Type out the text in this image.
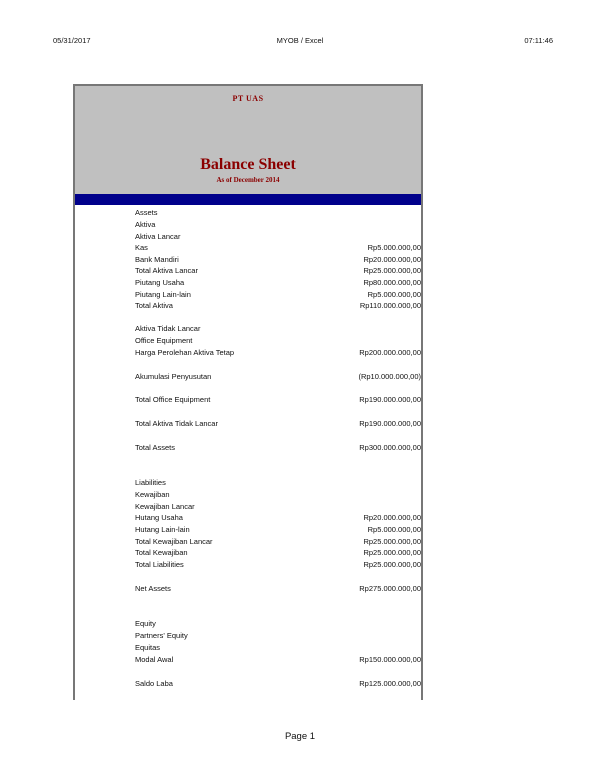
05/31/2017	MYOB / Excel	07:11:46
PT UAS
Balance Sheet
As of December 2014
Assets
Aktiva
Aktiva Lancar
Kas	Rp5.000.000,00
Bank Mandiri	Rp20.000.000,00
Total Aktiva Lancar	Rp25.000.000,00
Piutang Usaha	Rp80.000.000,00
Piutang Lain-lain	Rp5.000.000,00
Total Aktiva	Rp110.000.000,00
Aktiva Tidak Lancar
Office Equipment
Harga Perolehan Aktiva Tetap	Rp200.000.000,00
Akumulasi Penyusutan	(Rp10.000.000,00)
Total Office Equipment	Rp190.000.000,00
Total Aktiva Tidak Lancar	Rp190.000.000,00
Total Assets	Rp300.000.000,00
Liabilities
Kewajiban
Kewajiban Lancar
Hutang Usaha	Rp20.000.000,00
Hutang Lain-lain	Rp5.000.000,00
Total Kewajiban Lancar	Rp25.000.000,00
Total Kewajiban	Rp25.000.000,00
Total Liabilities	Rp25.000.000,00
Net Assets	Rp275.000.000,00
Equity
Partners' Equity
Equitas
Modal Awal	Rp150.000.000,00
Saldo Laba	Rp125.000.000,00
Page 1
